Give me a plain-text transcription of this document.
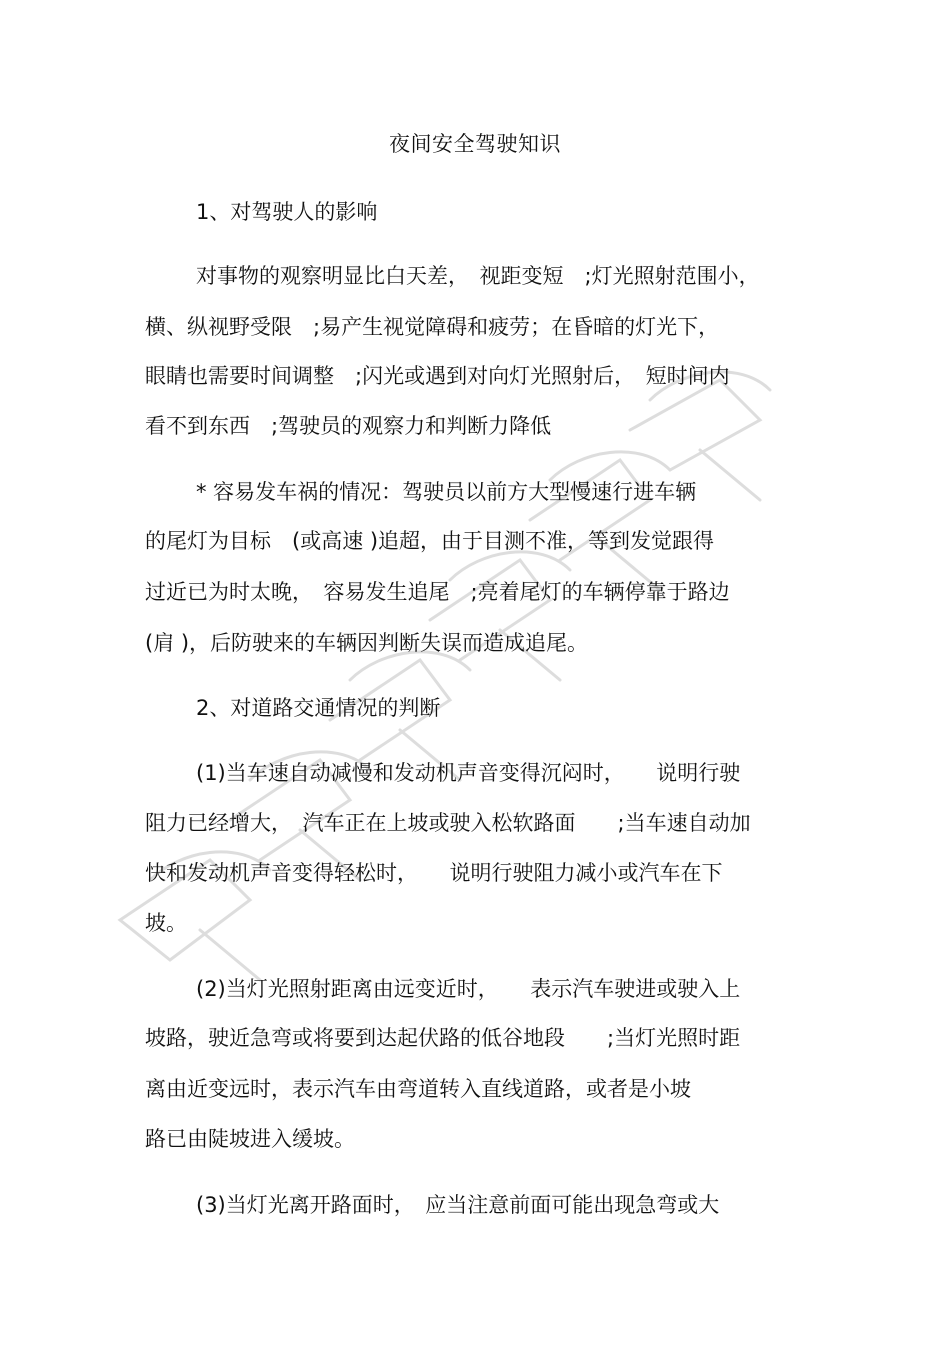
夜间安全驾驶知识
1、对驾驶人的影响
对事物的观察明显比白天差，　视距变短　;灯光照射范围小，
横、纵视野受限　;易产生视觉障碍和疲劳；在昏暗的灯光下，
眼睛也需要时间调整　;闪光或遇到对向灯光照射后，　短时间内
看不到东西　;驾驶员的观察力和判断力降低
* 容易发车祸的情况：驾驶员以前方大型慢速行进车辆
的尾灯为目标　(或高速 )追超，由于目测不准，等到发觉跟得
过近已为时太晚，　容易发生追尾　;亮着尾灯的车辆停靠于路边
(肩 )，后防驶来的车辆因判断失误而造成追尾。
2、对道路交通情况的判断
(1)当车速自动减慢和发动机声音变得沉闷时，　　说明行驶
阻力已经增大，　汽车正在上坡或驶入松软路面　　;当车速自动加
快和发动机声音变得轻松时，　　说明行驶阻力减小或汽车在下
坡。
(2)当灯光照射距离由远变近时，　　表示汽车驶进或驶入上
坡路，驶近急弯或将要到达起伏路的低谷地段　　;当灯光照时距
离由近变远时，表示汽车由弯道转入直线道路，或者是小坡
路已由陡坡进入缓坡。
(3)当灯光离开路面时，　应当注意前面可能出现急弯或大
